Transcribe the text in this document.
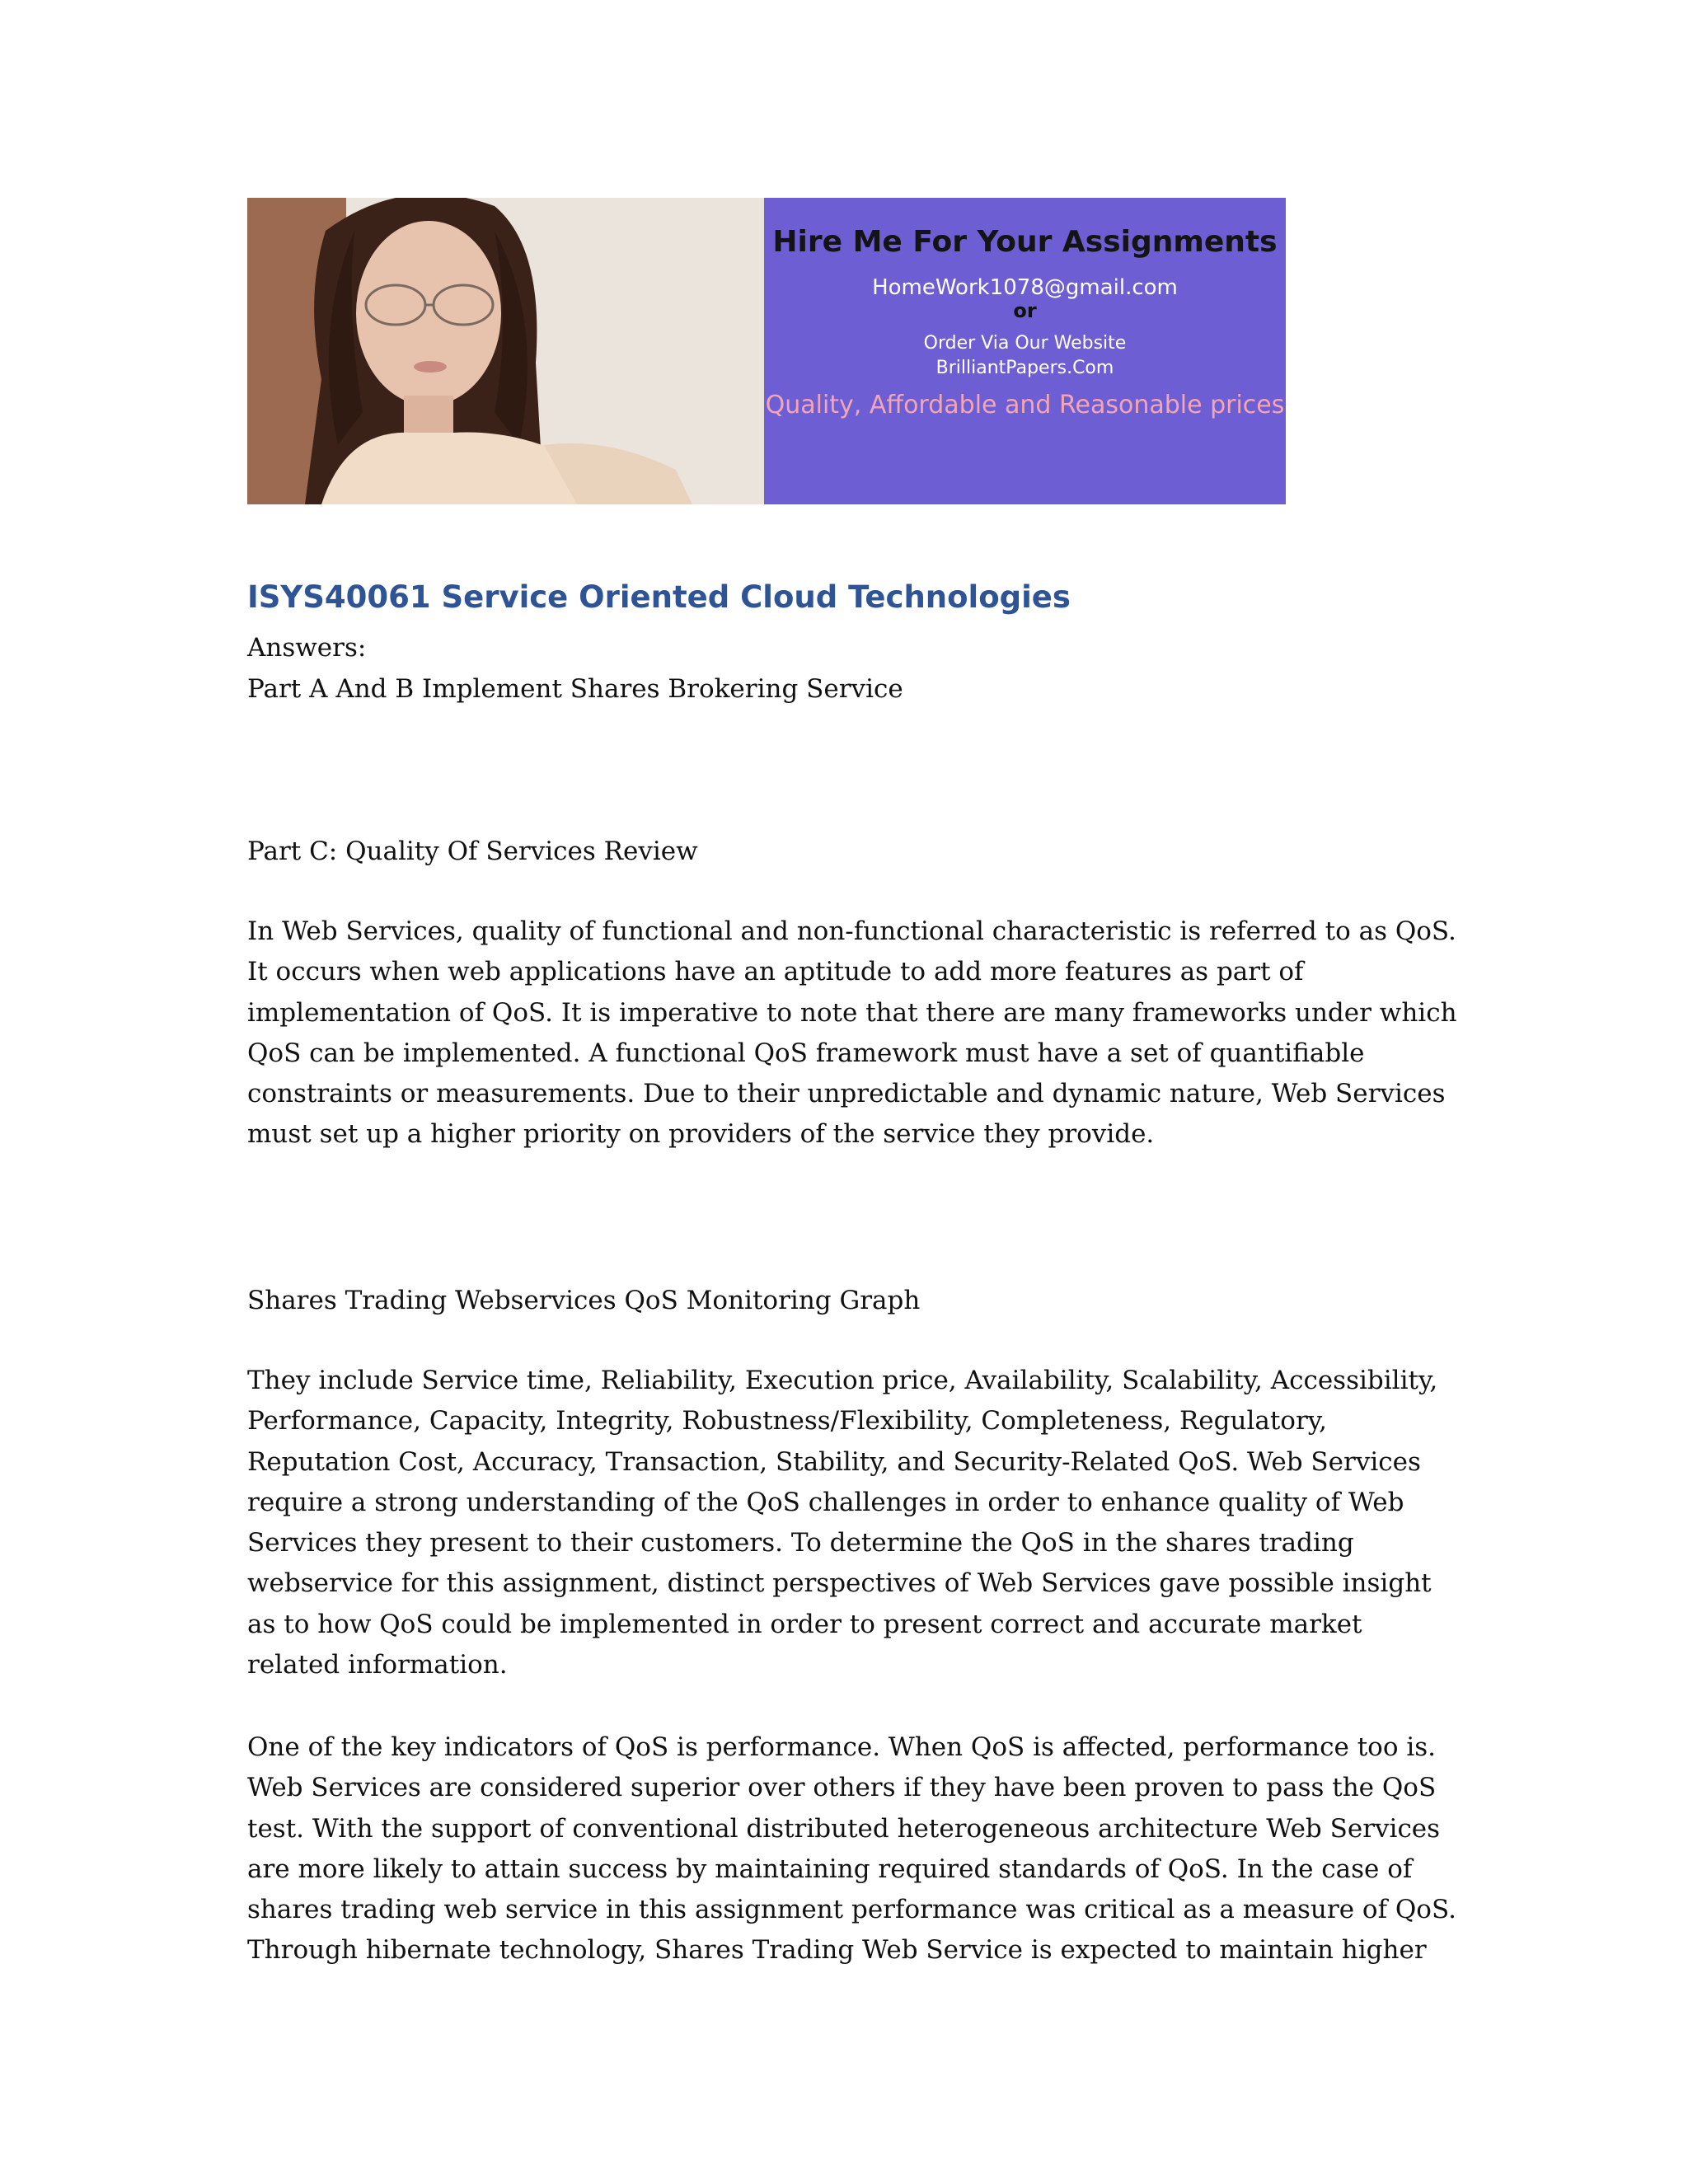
Hire Me For Your Assignments
HomeWork1078@gmail.com
or
Order Via Our Website
BrilliantPapers.Com
Quality, Affordable and Reasonable prices
ISYS40061 Service Oriented Cloud Technologies

Answers:

Part A And B Implement Shares Brokering Service

Part C: Quality Of Services Review

In Web Services, quality of functional and non-functional characteristic is referred to as QoS. It occurs when web applications have an aptitude to add more features as part of implementation of QoS. It is imperative to note that there are many frameworks under which QoS can be implemented. A functional QoS framework must have a set of quantifiable constraints or measurements. Due to their unpredictable and dynamic nature, Web Services must set up a higher priority on providers of the service they provide.

Shares Trading Webservices QoS Monitoring Graph

They include Service time, Reliability, Execution price, Availability, Scalability, Accessibility, Performance, Capacity, Integrity, Robustness/Flexibility, Completeness, Regulatory, Reputation Cost, Accuracy, Transaction, Stability, and Security-Related QoS. Web Services require a strong understanding of the QoS challenges in order to enhance quality of Web Services they present to their customers. To determine the QoS in the shares trading webservice for this assignment, distinct perspectives of Web Services gave possible insight as to how QoS could be implemented in order to present correct and accurate market related information.

One of the key indicators of QoS is performance. When QoS is affected, performance too is. Web Services are considered superior over others if they have been proven to pass the QoS test. With the support of conventional distributed heterogeneous architecture Web Services are more likely to attain success by maintaining required standards of QoS. In the case of shares trading web service in this assignment performance was critical as a measure of QoS. Through hibernate technology, Shares Trading Web Service is expected to maintain higher
